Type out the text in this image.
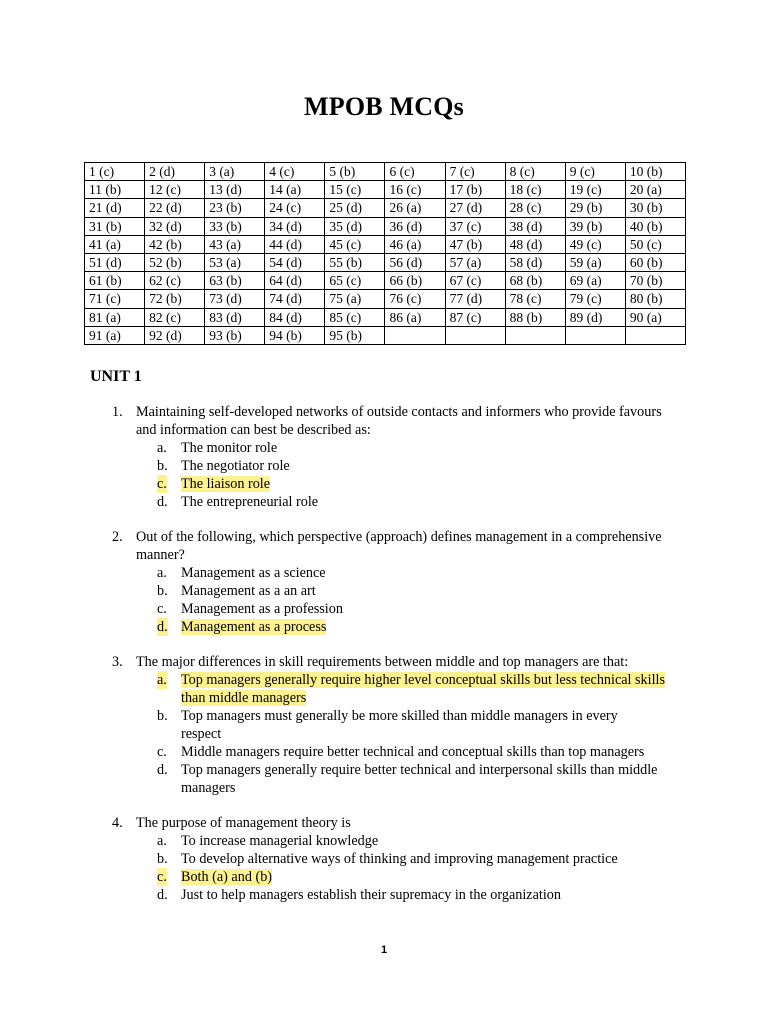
MPOB MCQs
1 (c)	2 (d)	3 (a)	4 (c)	5 (b)	6 (c)	7 (c)	8 (c)	9 (c)	10 (b)
11 (b)	12 (c)	13 (d)	14 (a)	15 (c)	16 (c)	17 (b)	18 (c)	19 (c)	20 (a)
21 (d)	22 (d)	23 (b)	24 (c)	25 (d)	26 (a)	27 (d)	28 (c)	29 (b)	30 (b)
31 (b)	32 (d)	33 (b)	34 (d)	35 (d)	36 (d)	37 (c)	38 (d)	39 (b)	40 (b)
41 (a)	42 (b)	43 (a)	44 (d)	45 (c)	46 (a)	47 (b)	48 (d)	49 (c)	50 (c)
51 (d)	52 (b)	53 (a)	54 (d)	55 (b)	56 (d)	57 (a)	58 (d)	59 (a)	60 (b)
61 (b)	62 (c)	63 (b)	64 (d)	65 (c)	66 (b)	67 (c)	68 (b)	69 (a)	70 (b)
71 (c)	72 (b)	73 (d)	74 (d)	75 (a)	76 (c)	77 (d)	78 (c)	79 (c)	80 (b)
81 (a)	82 (c)	83 (d)	84 (d)	85 (c)	86 (a)	87 (c)	88 (b)	89 (d)	90 (a)
91 (a)	92 (d)	93 (b)	94 (b)	95 (b)					
UNIT 1
1. Maintaining self-developed networks of outside contacts and informers who provide favours and information can best be described as:
a. The monitor role
b. The negotiator role
c. The liaison role
d. The entrepreneurial role
2. Out of the following, which perspective (approach) defines management in a comprehensive manner?
a. Management as a science
b. Management as a an art
c. Management as a profession
d. Management as a process
3. The major differences in skill requirements between middle and top managers are that:
a. Top managers generally require higher level conceptual skills but less technical skills than middle managers
b. Top managers must generally be more skilled than middle managers in every respect
c. Middle managers require better technical and conceptual skills than top managers
d. Top managers generally require better technical and interpersonal skills than middle managers
4. The purpose of management theory is
a. To increase managerial knowledge
b. To develop alternative ways of thinking and improving management practice
c. Both (a) and (b)
d. Just to help managers establish their supremacy in the organization
1
